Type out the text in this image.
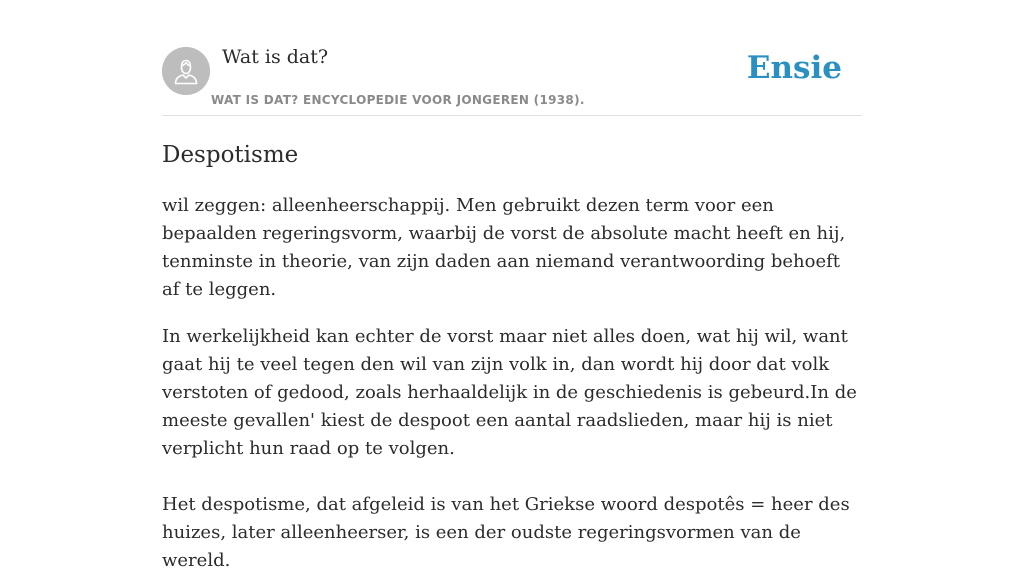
Wat is dat?
WAT IS DAT? ENCYCLOPEDIE VOOR JONGEREN (1938).
Ensie
Despotisme

wil zeggen: alleenheerschappij. Men gebruikt dezen term voor een bepaalden regeringsvorm, waarbij de vorst de absolute macht heeft en hij, tenminste in theorie, van zijn daden aan niemand verantwoording behoeft af te leggen.

In werkelijkheid kan echter de vorst maar niet alles doen, wat hij wil, want gaat hij te veel tegen den wil van zijn volk in, dan wordt hij door dat volk verstoten of gedood, zoals herhaaldelijk in de geschiedenis is gebeurd.In de meeste gevallen' kiest de despoot een aantal raadslieden, maar hij is niet verplicht hun raad op te volgen.

Het despotisme, dat afgeleid is van het Griekse woord despotês = heer des huizes, later alleenheerser, is een der oudste regeringsvormen van de wereld.
